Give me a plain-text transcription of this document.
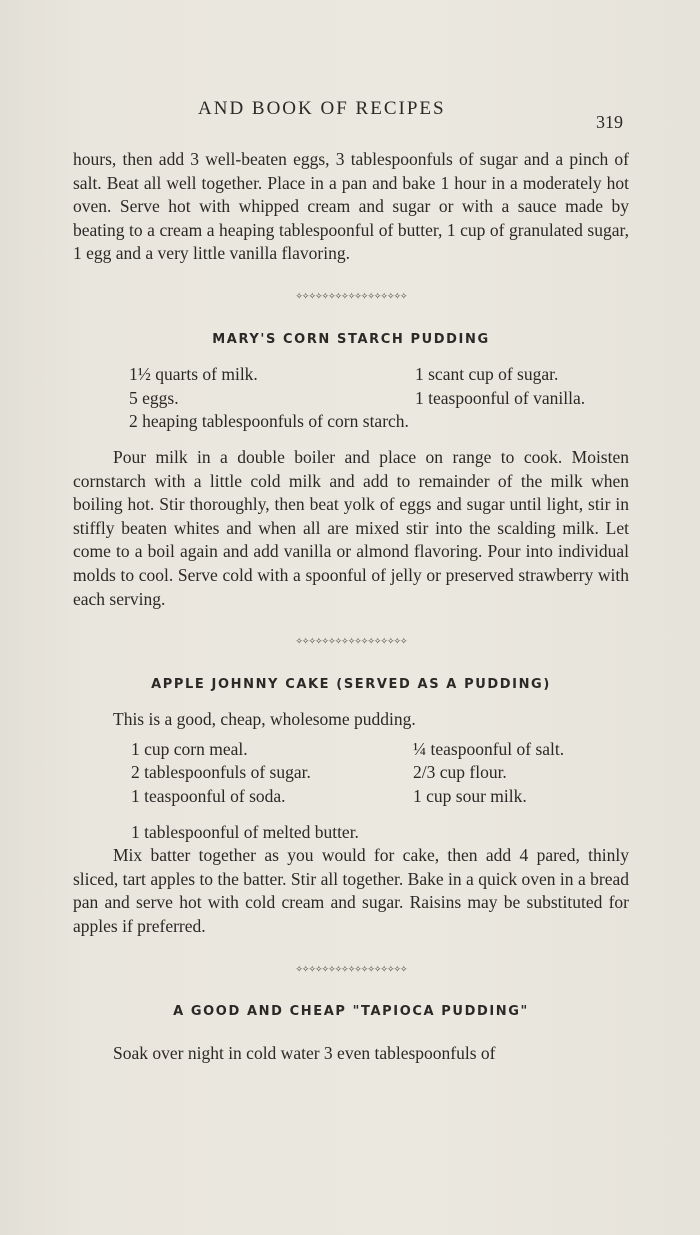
AND BOOK OF RECIPES
319

hours, then add 3 well-beaten eggs, 3 tablespoonfuls of sugar and a pinch of salt. Beat all well together. Place in a pan and bake 1 hour in a moderately hot oven. Serve hot with whipped cream and sugar or with a sauce made by beating to a cream a heaping tablespoonful of butter, 1 cup of granulated sugar, 1 egg and a very little vanilla flavoring.

✧✧✧✧✧✧✧✧✧✧✧✧✧✧✧✧✧
MARY'S CORN STARCH PUDDING
1½ quarts of milk.	1 scant cup of sugar.
5 eggs.	1 teaspoonful of vanilla.
2 heaping tablespoonfuls of corn starch.

Pour milk in a double boiler and place on range to cook. Moisten cornstarch with a little cold milk and add to remainder of the milk when boiling hot. Stir thoroughly, then beat yolk of eggs and sugar until light, stir in stiffly beaten whites and when all are mixed stir into the scalding milk. Let come to a boil again and add vanilla or almond flavoring. Pour into individual molds to cool. Serve cold with a spoonful of jelly or preserved strawberry with each serving.

✧✧✧✧✧✧✧✧✧✧✧✧✧✧✧✧✧
APPLE JOHNNY CAKE (SERVED AS A PUDDING)

This is a good, cheap, wholesome pudding.

1 cup corn meal.	¼ teaspoonful of salt.
2 tablespoonfuls of sugar.	2/3 cup flour.
1 teaspoonful of soda.	1 cup sour milk.

1 tablespoonful of melted butter.

Mix batter together as you would for cake, then add 4 pared, thinly sliced, tart apples to the batter. Stir all together. Bake in a quick oven in a bread pan and serve hot with cold cream and sugar. Raisins may be substituted for apples if preferred.

✧✧✧✧✧✧✧✧✧✧✧✧✧✧✧✧✧
A GOOD AND CHEAP "TAPIOCA PUDDING"

Soak over night in cold water 3 even tablespoonfuls of
